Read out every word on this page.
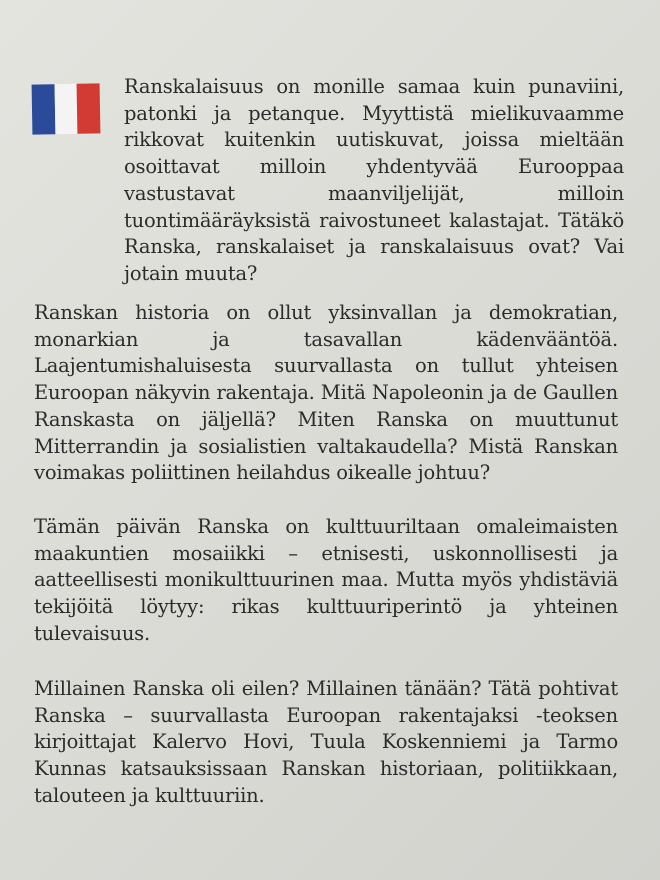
Ranskalaisuus on monille samaa kuin punaviini, patonki ja petanque. Myyttistä mielikuvaamme rikkovat kuitenkin uutiskuvat, joissa mieltään osoittavat milloin yhdentyvää Eurooppaa vastustavat maanviljelijät, milloin tuontimääräyksistä raivostuneet kalastajat. Tätäkö Ranska, ranskalaiset ja ranskalaisuus ovat? Vai jotain muuta?

Ranskan historia on ollut yksinvallan ja demokratian, monarkian ja tasavallan kädenvääntöä. Laajentumishaluisesta suurvallasta on tullut yhteisen Euroopan näkyvin rakentaja. Mitä Napoleonin ja de Gaullen Ranskasta on jäljellä? Miten Ranska on muuttunut Mitterrandin ja sosialistien valtakaudella? Mistä Ranskan voimakas poliittinen heilahdus oikealle johtuu?

Tämän päivän Ranska on kulttuuriltaan omaleimaisten maakuntien mosaiikki – etnisesti, uskonnollisesti ja aatteellisesti monikulttuurinen maa. Mutta myös yhdistäviä tekijöitä löytyy: rikas kulttuuriperintö ja yhteinen tulevaisuus.

Millainen Ranska oli eilen? Millainen tänään? Tätä pohtivat Ranska – suurvallasta Euroopan rakentajaksi -teoksen kirjoittajat Kalervo Hovi, Tuula Koskenniemi ja Tarmo Kunnas katsauksissaan Ranskan historiaan, politiikkaan, talouteen ja kulttuuriin.
